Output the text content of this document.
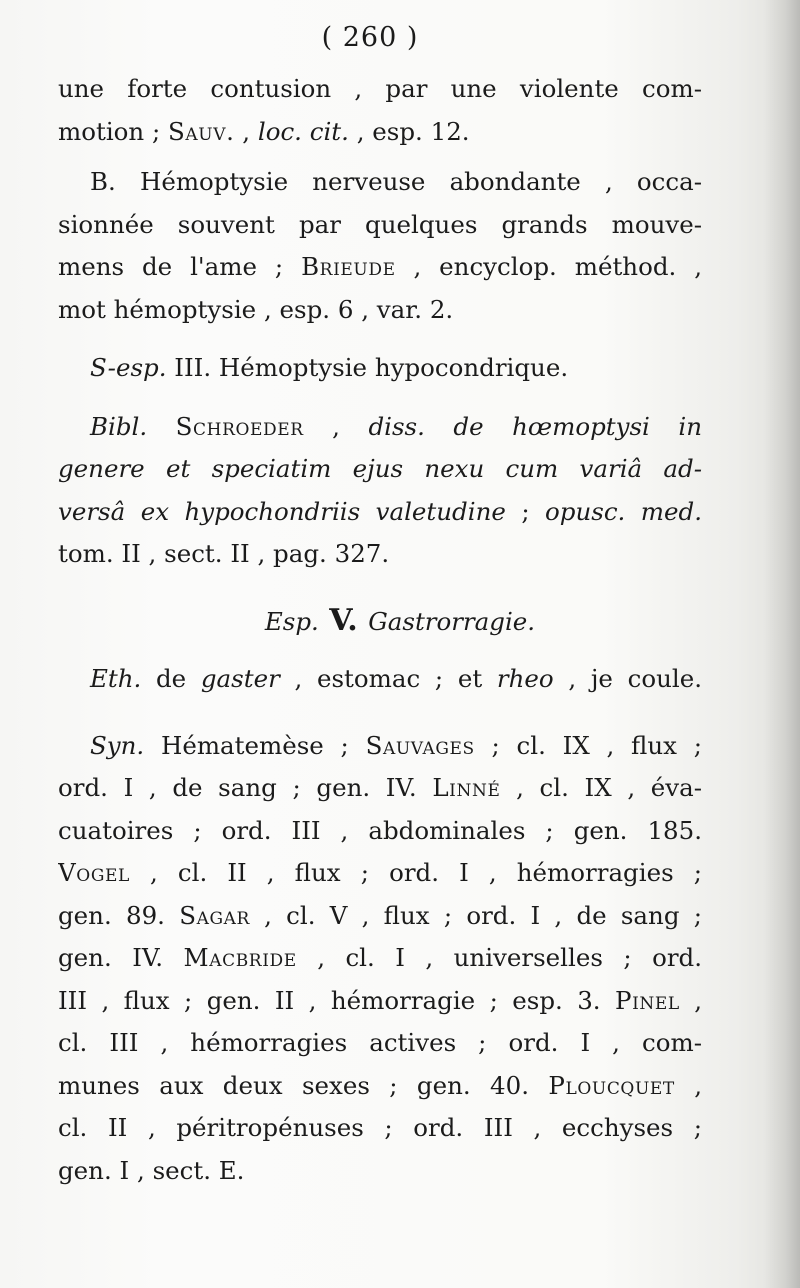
( 260 )
une forte contusion , par une violente com-
motion ; Sauv. , loc. cit. , esp. 12.
B. Hémoptysie nerveuse abondante , occa-
sionnée souvent par quelques grands mouve-
mens de l'ame ; Brieude , encyclop. méthod. ,
mot hémoptysie , esp. 6 , var. 2.
S-esp. III. Hémoptysie hypocondrique.
Bibl. Schroeder , diss. de hœmoptysi in
genere et speciatim ejus nexu cum variâ ad-
versâ ex hypochondriis valetudine ; opusc. med.
tom. II , sect. II , pag. 327.
Esp. V. Gastrorragie.
Eth. de gaster , estomac ; et rheo , je coule.
Syn. Hématemèse ; Sauvages ; cl. IX , flux ;
ord. I , de sang ; gen. IV. Linné , cl. IX , éva-
cuatoires ; ord. III , abdominales ; gen. 185.
Vogel , cl. II , flux ; ord. I , hémorragies ;
gen. 89. Sagar , cl. V , flux ; ord. I , de sang ;
gen. IV. Macbride , cl. I , universelles ; ord.
III , flux ; gen. II , hémorragie ; esp. 3. Pinel ,
cl. III , hémorragies actives ; ord. I , com-
munes aux deux sexes ; gen. 40. Ploucquet ,
cl. II , péritropénuses ; ord. III , ecchyses ;
gen. I , sect. E.
